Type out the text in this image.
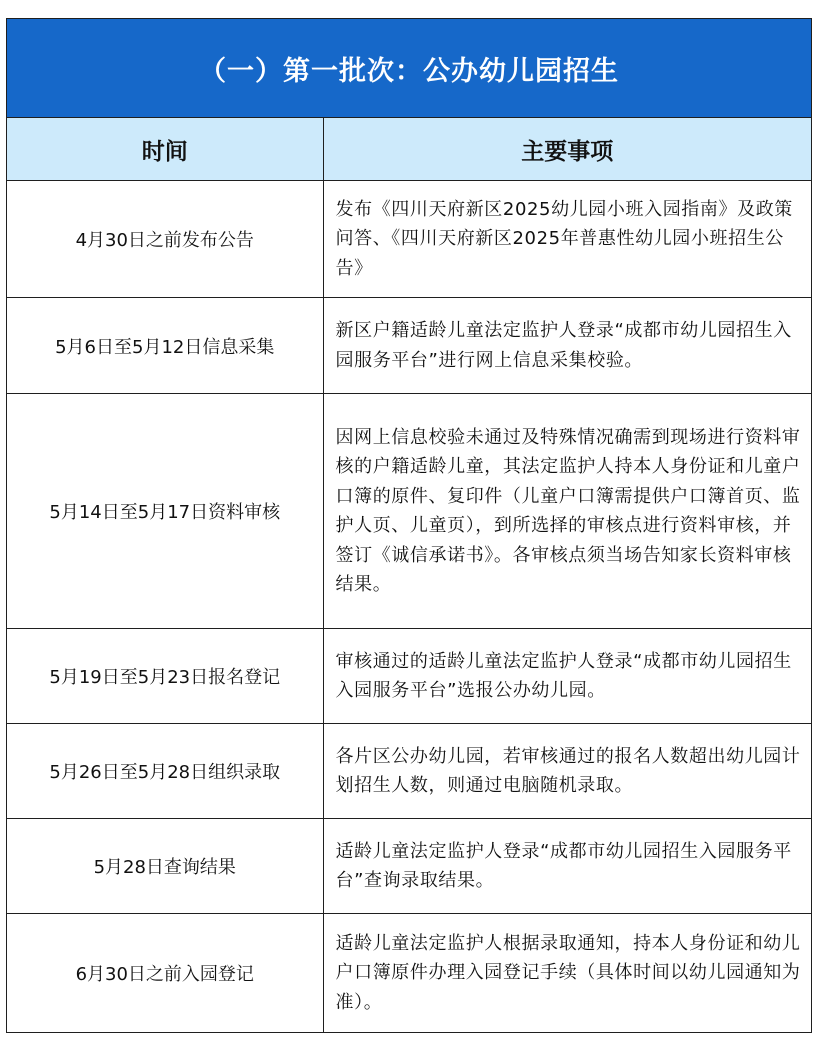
（一）第一批次：公办幼儿园招生
时间	主要事项
4月30日之前发布公告	发布《四川天府新区2025幼儿园小班入园指南》及政策问答、《四川天府新区2025年普惠性幼儿园小班招生公告》
5月6日至5月12日信息采集	新区户籍适龄儿童法定监护人登录“成都市幼儿园招生入园服务平台”进行网上信息采集校验。
5月14日至5月17日资料审核	因网上信息校验未通过及特殊情况确需到现场进行资料审核的户籍适龄儿童，其法定监护人持本人身份证和儿童户口簿的原件、复印件（儿童户口簿需提供户口簿首页、监护人页、儿童页），到所选择的审核点进行资料审核，并签订《诚信承诺书》。各审核点须当场告知家长资料审核结果。
5月19日至5月23日报名登记	审核通过的适龄儿童法定监护人登录“成都市幼儿园招生入园服务平台”选报公办幼儿园。
5月26日至5月28日组织录取	各片区公办幼儿园，若审核通过的报名人数超出幼儿园计划招生人数，则通过电脑随机录取。
5月28日查询结果	适龄儿童法定监护人登录“成都市幼儿园招生入园服务平台”查询录取结果。
6月30日之前入园登记	适龄儿童法定监护人根据录取通知，持本人身份证和幼儿户口簿原件办理入园登记手续（具体时间以幼儿园通知为准）。
